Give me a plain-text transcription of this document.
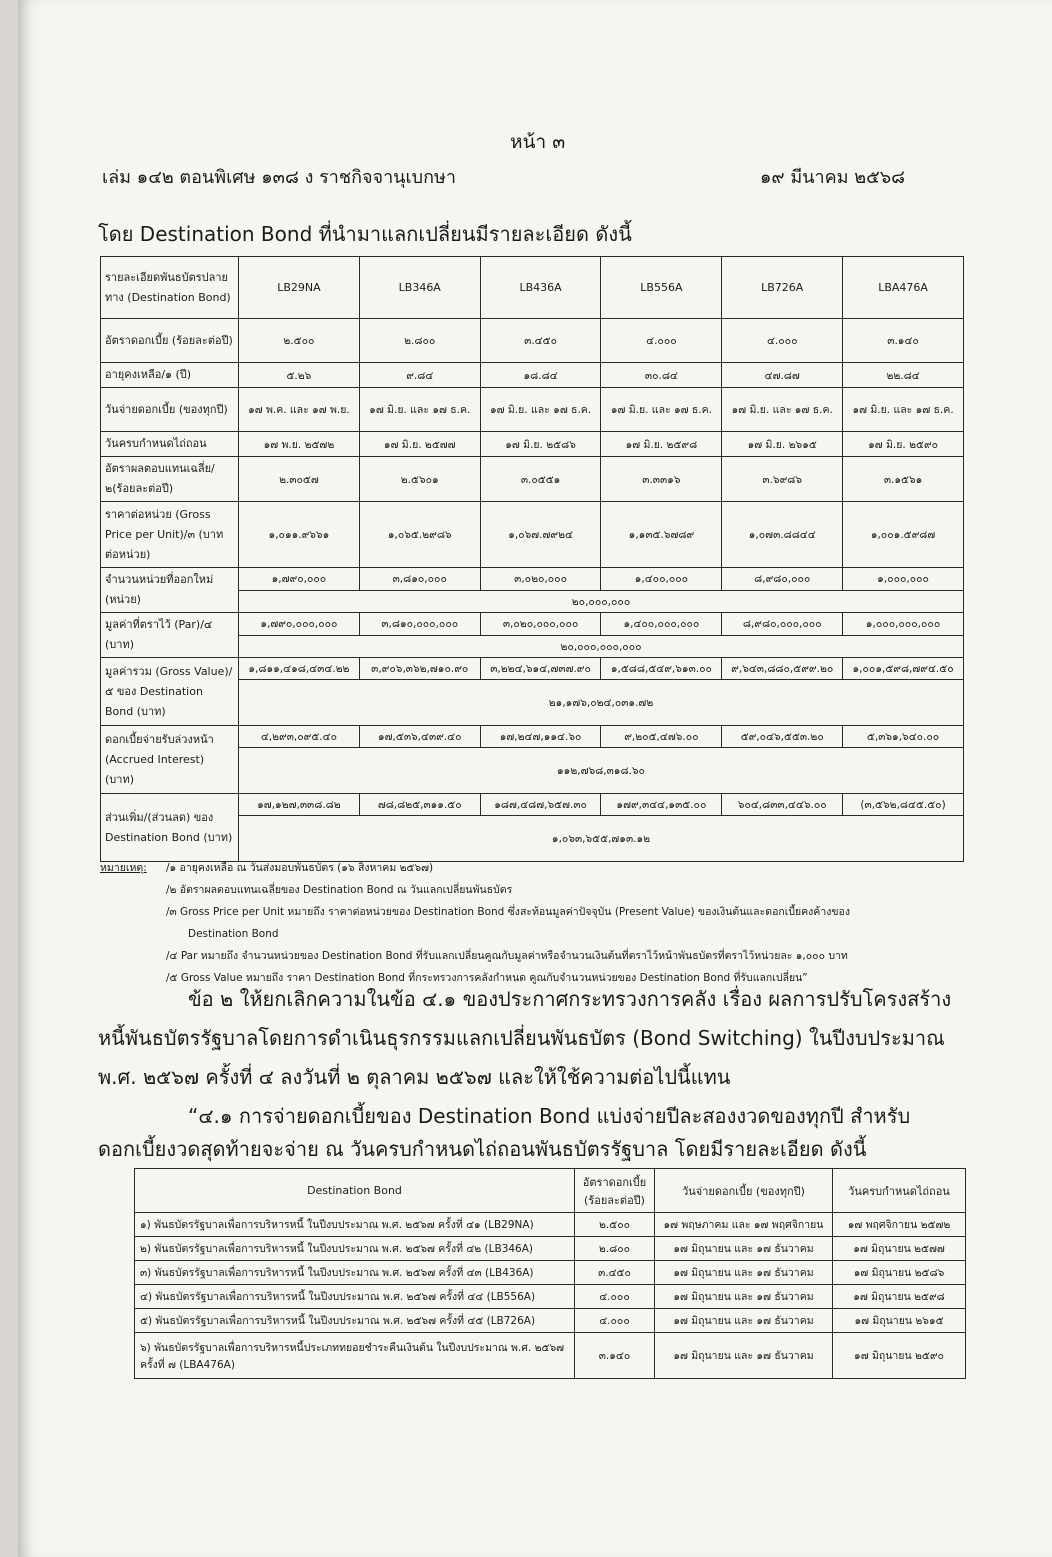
หน้า ๓
เล่ม ๑๔๒ ตอนพิเศษ ๑๓๘ ง ราชกิจจานุเบกษา	๑๙ มีนาคม ๒๕๖๘
โดย Destination Bond ที่นำมาแลกเปลี่ยนมีรายละเอียด ดังนี้
รายละเอียดพันธบัตรปลายทาง (Destination Bond)	LB29NA	LB346A	LB436A	LB556A	LB726A	LBA476A
อัตราดอกเบี้ย (ร้อยละต่อปี)	๒.๕๐๐	๒.๘๐๐	๓.๔๕๐	๔.๐๐๐	๔.๐๐๐	๓.๑๔๐
อายุคงเหลือ/๑ (ปี)	๕.๒๖	๙.๘๔	๑๘.๘๔	๓๐.๘๔	๔๗.๘๗	๒๒.๘๔
วันจ่ายดอกเบี้ย (ของทุกปี)	๑๗ พ.ค. และ ๑๗ พ.ย.	๑๗ มิ.ย. และ ๑๗ ธ.ค.	๑๗ มิ.ย. และ ๑๗ ธ.ค.	๑๗ มิ.ย. และ ๑๗ ธ.ค.	๑๗ มิ.ย. และ ๑๗ ธ.ค.	๑๗ มิ.ย. และ ๑๗ ธ.ค.
วันครบกำหนดไถ่ถอน	๑๗ พ.ย. ๒๕๗๒	๑๗ มิ.ย. ๒๕๗๗	๑๗ มิ.ย. ๒๕๘๖	๑๗ มิ.ย. ๒๕๙๘	๑๗ มิ.ย. ๒๖๑๕	๑๗ มิ.ย. ๒๕๙๐
อัตราผลตอบแทนเฉลี่ย/๒(ร้อยละต่อปี)	๒.๓๐๕๗	๒.๕๖๐๑	๓.๐๕๕๑	๓.๓๓๑๖	๓.๖๙๘๖	๓.๑๕๖๑
ราคาต่อหน่วย (Gross Price per Unit)/๓ (บาทต่อหน่วย)	๑,๐๑๑.๙๖๖๑	๑,๐๖๕.๒๙๘๖	๑,๐๖๗.๗๙๒๔	๑,๑๓๕.๖๗๘๙	๑,๐๗๓.๘๘๔๔	๑,๐๐๑.๕๙๘๗
จำนวนหน่วยที่ออกใหม่ (หน่วย)	๑,๗๙๐,๐๐๐	๓,๘๑๐,๐๐๐	๓,๐๒๐,๐๐๐	๑,๔๐๐,๐๐๐	๘,๙๘๐,๐๐๐	๑,๐๐๐,๐๐๐
	๒๐,๐๐๐,๐๐๐					
มูลค่าที่ตราไว้ (Par)/๔ (บาท)	๑,๗๙๐,๐๐๐,๐๐๐	๓,๘๑๐,๐๐๐,๐๐๐	๓,๐๒๐,๐๐๐,๐๐๐	๑,๔๐๐,๐๐๐,๐๐๐	๘,๙๘๐,๐๐๐,๐๐๐	๑,๐๐๐,๐๐๐,๐๐๐
	๒๐,๐๐๐,๐๐๐,๐๐๐					
มูลค่ารวม (Gross Value)/๕ ของ Destination Bond (บาท)	๑,๘๑๑,๔๑๘,๔๓๔.๒๒	๓,๙๐๖,๓๖๒,๗๑๐.๙๐	๓,๒๒๔,๖๑๔,๗๓๗.๙๐	๑,๕๘๘,๕๔๙,๖๑๓.๐๐	๙,๖๔๓,๘๘๐,๕๙๙.๒๐	๑,๐๐๑,๕๙๘,๗๙๔.๕๐
	๒๑,๑๗๖,๐๒๔,๐๓๑.๗๒					
ดอกเบี้ยจ่ายรับล่วงหน้า (Accrued Interest) (บาท)	๔,๒๙๓,๐๙๕.๔๐	๑๗,๕๓๖,๔๓๙.๔๐	๑๗,๒๔๗,๑๑๔.๖๐	๙,๒๐๕,๔๗๖.๐๐	๕๙,๐๔๖,๕๕๓.๒๐	๕,๓๖๑,๖๔๐.๐๐
	๑๑๒,๗๖๘,๓๑๘.๖๐					
ส่วนเพิ่ม/(ส่วนลด) ของ Destination Bond (บาท)	๑๗,๑๒๗,๓๓๘.๘๒	๗๘,๘๒๕,๓๑๑.๕๐	๑๘๗,๔๘๗,๖๕๗.๓๐	๑๗๙,๓๔๔,๑๓๕.๐๐	๖๐๔,๘๓๓,๔๔๖.๐๐	(๓,๕๖๒,๘๔๕.๕๐)
	๑,๐๖๓,๖๕๕,๗๑๓.๑๒					
หมายเหตุ:	/๑ อายุคงเหลือ ณ วันส่งมอบพันธบัตร (๑๖ สิงหาคม ๒๕๖๗)
/๒ อัตราผลตอบแทนเฉลี่ยของ Destination Bond ณ วันแลกเปลี่ยนพันธบัตร
/๓ Gross Price per Unit หมายถึง ราคาต่อหน่วยของ Destination Bond ซึ่งสะท้อนมูลค่าปัจจุบัน (Present Value) ของเงินต้นและดอกเบี้ยคงค้างของ
Destination Bond
/๔ Par หมายถึง จำนวนหน่วยของ Destination Bond ที่รับแลกเปลี่ยนคูณกับมูลค่าหรือจำนวนเงินต้นที่ตราไว้หน้าพันธบัตรที่ตราไว้หน่วยละ ๑,๐๐๐ บาท
/๕ Gross Value หมายถึง ราคา Destination Bond ที่กระทรวงการคลังกำหนด คูณกับจำนวนหน่วยของ Destination Bond ที่รับแลกเปลี่ยน”
ข้อ ๒ ให้ยกเลิกความในข้อ ๔.๑ ของประกาศกระทรวงการคลัง เรื่อง ผลการปรับโครงสร้าง
หนี้พันธบัตรรัฐบาลโดยการดำเนินธุรกรรมแลกเปลี่ยนพันธบัตร (Bond Switching) ในปีงบประมาณ
พ.ศ. ๒๕๖๗ ครั้งที่ ๔ ลงวันที่ ๒ ตุลาคม ๒๕๖๗ และให้ใช้ความต่อไปนี้แทน
“๔.๑ การจ่ายดอกเบี้ยของ Destination Bond แบ่งจ่ายปีละสองงวดของทุกปี สำหรับ
ดอกเบี้ยงวดสุดท้ายจะจ่าย ณ วันครบกำหนดไถ่ถอนพันธบัตรรัฐบาล โดยมีรายละเอียด ดังนี้
Destination Bond	อัตราดอกเบี้ย (ร้อยละต่อปี)	วันจ่ายดอกเบี้ย (ของทุกปี)	วันครบกำหนดไถ่ถอน
๑) พันธบัตรรัฐบาลเพื่อการบริหารหนี้ ในปีงบประมาณ พ.ศ. ๒๕๖๗ ครั้งที่ ๔๑ (LB29NA)	๒.๕๐๐	๑๗ พฤษภาคม และ ๑๗ พฤศจิกายน	๑๗ พฤศจิกายน ๒๕๗๒
๒) พันธบัตรรัฐบาลเพื่อการบริหารหนี้ ในปีงบประมาณ พ.ศ. ๒๕๖๗ ครั้งที่ ๔๒ (LB346A)	๒.๘๐๐	๑๗ มิถุนายน และ ๑๗ ธันวาคม	๑๗ มิถุนายน ๒๕๗๗
๓) พันธบัตรรัฐบาลเพื่อการบริหารหนี้ ในปีงบประมาณ พ.ศ. ๒๕๖๗ ครั้งที่ ๔๓ (LB436A)	๓.๔๕๐	๑๗ มิถุนายน และ ๑๗ ธันวาคม	๑๗ มิถุนายน ๒๕๘๖
๔) พันธบัตรรัฐบาลเพื่อการบริหารหนี้ ในปีงบประมาณ พ.ศ. ๒๕๖๗ ครั้งที่ ๔๔ (LB556A)	๔.๐๐๐	๑๗ มิถุนายน และ ๑๗ ธันวาคม	๑๗ มิถุนายน ๒๕๙๘
๕) พันธบัตรรัฐบาลเพื่อการบริหารหนี้ ในปีงบประมาณ พ.ศ. ๒๕๖๗ ครั้งที่ ๔๕ (LB726A)	๔.๐๐๐	๑๗ มิถุนายน และ ๑๗ ธันวาคม	๑๗ มิถุนายน ๒๖๑๕
๖) พันธบัตรรัฐบาลเพื่อการบริหารหนี้ประเภททยอยชำระคืนเงินต้น ในปีงบประมาณ พ.ศ. ๒๕๖๗ ครั้งที่ ๗ (LBA476A)	๓.๑๔๐	๑๗ มิถุนายน และ ๑๗ ธันวาคม	๑๗ มิถุนายน ๒๕๙๐
